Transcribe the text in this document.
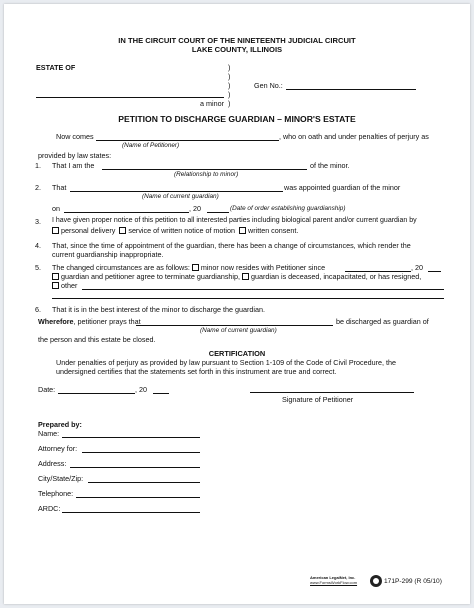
IN THE CIRCUIT COURT OF THE NINETEENTH JUDICIAL CIRCUIT
LAKE COUNTY, ILLINOIS
ESTATE OF	)
)
)
)
)
Gen No.:
a minor
PETITION TO DISCHARGE GUARDIAN – MINOR'S ESTATE
Now comes	, who on oath and under penalties of perjury as
(Name of Petitioner)
provided by law states:
1. That I am the	of the minor.
(Relationship to minor)
2. That	was appointed guardian of the minor
(Name of current guardian)
on	, 20	(Date of order establishing guardianship)
3. I have given proper notice of this petition to all interested parties including biological parent and/or current guardian by
personal delivery service of written notice of motion written consent.
4. That, since the time of appointment of the guardian, there has been a change of circumstances, which render the
current guardianship inappropriate.
5. The changed circumstances are as follows: minor now resides with Petitioner since	, 20
guardian and petitioner agree to terminate guardianship, guardian is deceased, incapacitated, or has resigned,
other
6. That it is in the best interest of the minor to discharge the guardian.
Wherefore, petitioner prays that	be discharged as guardian of
(Name of current guardian)
the person and this estate be closed.
CERTIFICATION
Under penalties of perjury as provided by law pursuant to Section 1-109 of the Code of Civil Procedure, the
undersigned certifies that the statements set forth in this instrument are true and correct.
Date:	, 20
Signature of Petitioner
Prepared by:
Name:
Attorney for:
Address:
City/State/Zip:
Telephone:
ARDC:
American LegalNet, Inc.
www.FormsWorkFlow.com	171P-299 (R 05/10)
